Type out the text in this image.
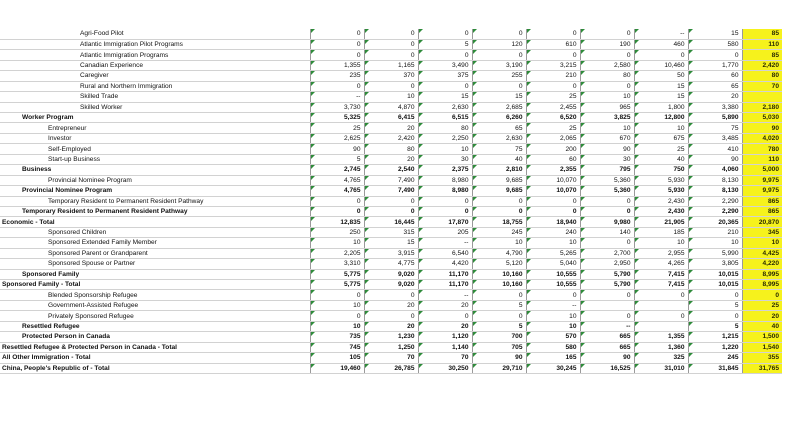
Agri-Food Pilot	0	0	0	0	0	0	--	15	85
Atlantic Immigration Pilot Programs	0	0	5	120	610	190	460	580	110
Atlantic Immigration Programs	0	0	0	0	0	0	0	0	85
Canadian Experience	1,355	1,165	3,490	3,190	3,215	2,580	10,460	1,770	2,420
Caregiver	235	370	375	255	210	80	50	60	80
Rural and Northern Immigration	0	0	0	0	0	0	15	65	70
Skilled Trade	--	10	15	15	25	10	15	20	
Skilled Worker	3,730	4,870	2,630	2,685	2,455	965	1,800	3,380	2,180
Worker Program	5,325	6,415	6,515	6,260	6,520	3,825	12,800	5,890	5,030
Entrepreneur	25	20	80	65	25	10	10	75	90
Investor	2,625	2,420	2,250	2,630	2,065	670	675	3,485	4,020
Self-Employed	90	80	10	75	200	90	25	410	780
Start-up Business	5	20	30	40	60	30	40	90	110
Business	2,745	2,540	2,375	2,810	2,355	795	750	4,060	5,000
Provincial Nominee Program	4,765	7,490	8,980	9,685	10,070	5,360	5,930	8,130	9,975
Provincial Nominee Program	4,765	7,490	8,980	9,685	10,070	5,360	5,930	8,130	9,975
Temporary Resident to Permanent Resident Pathway	0	0	0	0	0	0	2,430	2,290	865
Temporary Resident to Permanent Resident Pathway	0	0	0	0	0	0	2,430	2,290	865
Economic - Total	12,835	16,445	17,870	18,755	18,940	9,980	21,905	20,365	20,870
Sponsored Children	250	315	205	245	240	140	185	210	345
Sponsored Extended Family Member	10	15	--	10	10	0	10	10	10
Sponsored Parent or Grandparent	2,205	3,915	6,540	4,790	5,265	2,700	2,955	5,990	4,425
Sponsored Spouse or Partner	3,310	4,775	4,420	5,120	5,040	2,950	4,265	3,805	4,220
Sponsored Family	5,775	9,020	11,170	10,160	10,555	5,790	7,415	10,015	8,995
Sponsored Family - Total	5,775	9,020	11,170	10,160	10,555	5,790	7,415	10,015	8,995
Blended Sponsorship Refugee	0	0	--	0	0	0	0	0	0
Government-Assisted Refugee	10	20	20	5	--			5	25
Privately Sponsored Refugee	0	0	0	0	10	0	0	0	20
Resettled Refugee	10	20	20	5	10	--		5	40
Protected Person in Canada	735	1,230	1,120	700	570	665	1,355	1,215	1,500
Resettled Refugee & Protected Person in Canada - Total	745	1,250	1,140	705	580	665	1,360	1,220	1,540
All Other Immigration - Total	105	70	70	90	165	90	325	245	355
China, People's Republic of - Total	19,460	26,785	30,250	29,710	30,245	16,525	31,010	31,845	31,765
